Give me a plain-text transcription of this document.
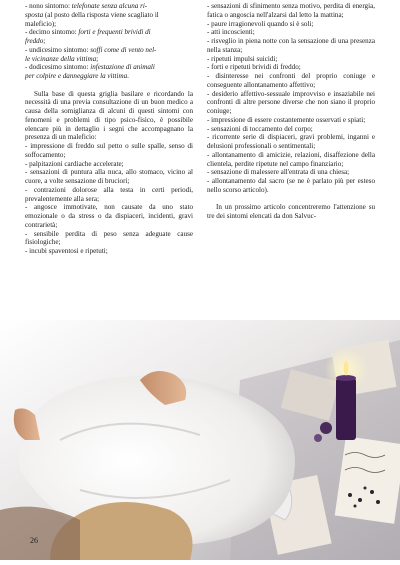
- nono sintomo: telefonate senza alcuna ri-

sposta (al posto della risposta viene scagliato il

maleficio);

- decimo sintomo: forti e frequenti brividi di

freddo;

- undicesimo sintomo: soffi come di vento nel-

le vicinanze della vittima;

- dodicesimo sintomo: infestazione di animali

per colpire e danneggiare la vittima.

Sulla base di questa griglia basilare e ricordando la necessità di una previa consultazione di un buon medico a causa della somiglianza di alcuni di questi sintomi con fenomeni e problemi di tipo psico-fisico, è possibile elencare più in dettaglio i segni che accompagnano la presenza di un maleficio:

- impressione di freddo sul petto o sulle spalle, senso di soffocamento;

- palpitazioni cardiache accelerate;

- sensazioni di puntura alla nuca, allo stomaco, vicino al cuore, a volte sensazione di bruciori;

- contrazioni dolorose alla testa in certi periodi, prevalentemente alla sera;

- angosce immotivate, non causate da uno stato emozionale o da stress o da dispiaceri, incidenti, gravi contrarietà;

- sensibile perdita di peso senza adeguate cause fisiologiche;

- incubi spaventosi e ripetuti;

- sensazioni di sfinimento senza motivo, perdita di energia, fatica o angoscia nell'alzarsi dal letto la mattina;

- paure irragionevoli quando si è soli;

- atti incoscienti;

- risveglio in piena notte con la sensazione di una presenza nella stanza;

- ripetuti impulsi suicidi;

- forti e ripetuti brividi di freddo;

- disinteresse nei confronti del proprio coniuge e conseguente allontanamento affettivo;

- desiderio affettivo-sessuale improvviso e insaziabile nei confronti di altre persone diverse che non siano il proprio coniuge;

- impressione di essere costantemente osservati e spiati;

- sensazioni di toccamento del corpo;

- ricorrente serie di dispiaceri, gravi problemi, inganni e delusioni professionali o sentimentali;

- allontanamento di amicizie, relazioni, disaffezione della clientela, perdite ripetute nel campo finanziario;

- sensazione di malessere all'entrata di una chiesa;

- allontanamento dal sacro (se ne è parlato più per esteso nello scorso articolo).

In un prossimo articolo concentreremo l'attenzione su tre dei sintomi elencati da don Salvuc-

26
